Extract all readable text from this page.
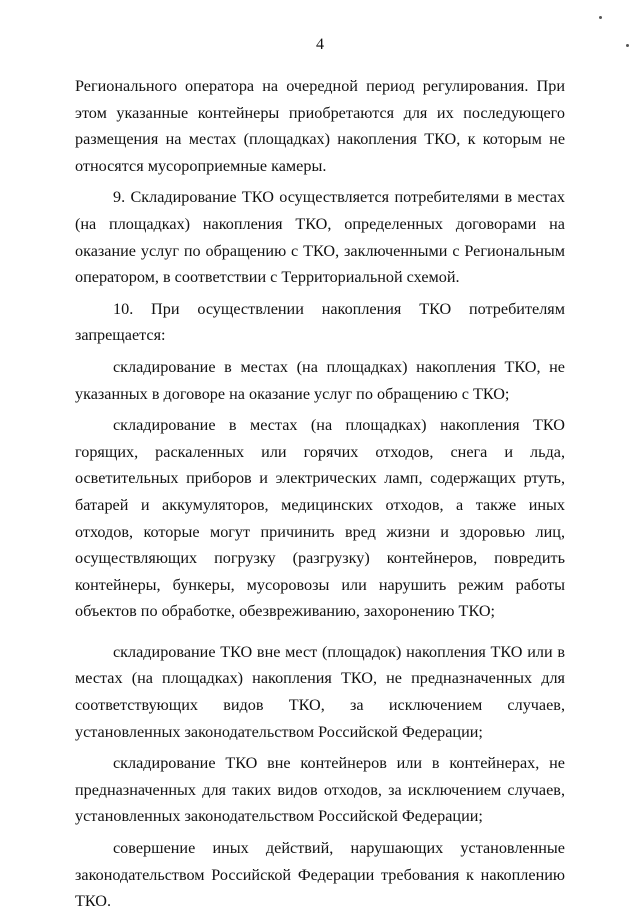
4

Регионального оператора на очередной период регулирования. При этом указанные контейнеры приобретаются для их последующего размещения на местах (площадках) накопления ТКО, к которым не относятся мусороприемные камеры.

9. Складирование ТКО осуществляется потребителями в местах (на площадках) накопления ТКО, определенных договорами на оказание услуг по обращению с ТКО, заключенными с Региональным оператором, в соответствии с Территориальной схемой.

10. При осуществлении накопления ТКО потребителям запрещается:

складирование в местах (на площадках) накопления ТКО, не указанных в договоре на оказание услуг по обращению с ТКО;

складирование в местах (на площадках) накопления ТКО горящих, раскаленных или горячих отходов, снега и льда, осветительных приборов и электрических ламп, содержащих ртуть, батарей и аккумуляторов, медицинских отходов, а также иных отходов, которые могут причинить вред жизни и здоровью лиц, осуществляющих погрузку (разгрузку) контейнеров, повредить контейнеры, бункеры, мусоровозы или нарушить режим работы объектов по обработке, обезвреживанию, захоронению ТКО;

складирование ТКО вне мест (площадок) накопления ТКО или в местах (на площадках) накопления ТКО, не предназначенных для соответствующих видов ТКО, за исключением случаев, установленных законодательством Российской Федерации;

складирование ТКО вне контейнеров или в контейнерах, не предназначенных для таких видов отходов, за исключением случаев, установленных законодательством Российской Федерации;

совершение иных действий, нарушающих установленные законодательством Российской Федерации требования к накоплению ТКО.
